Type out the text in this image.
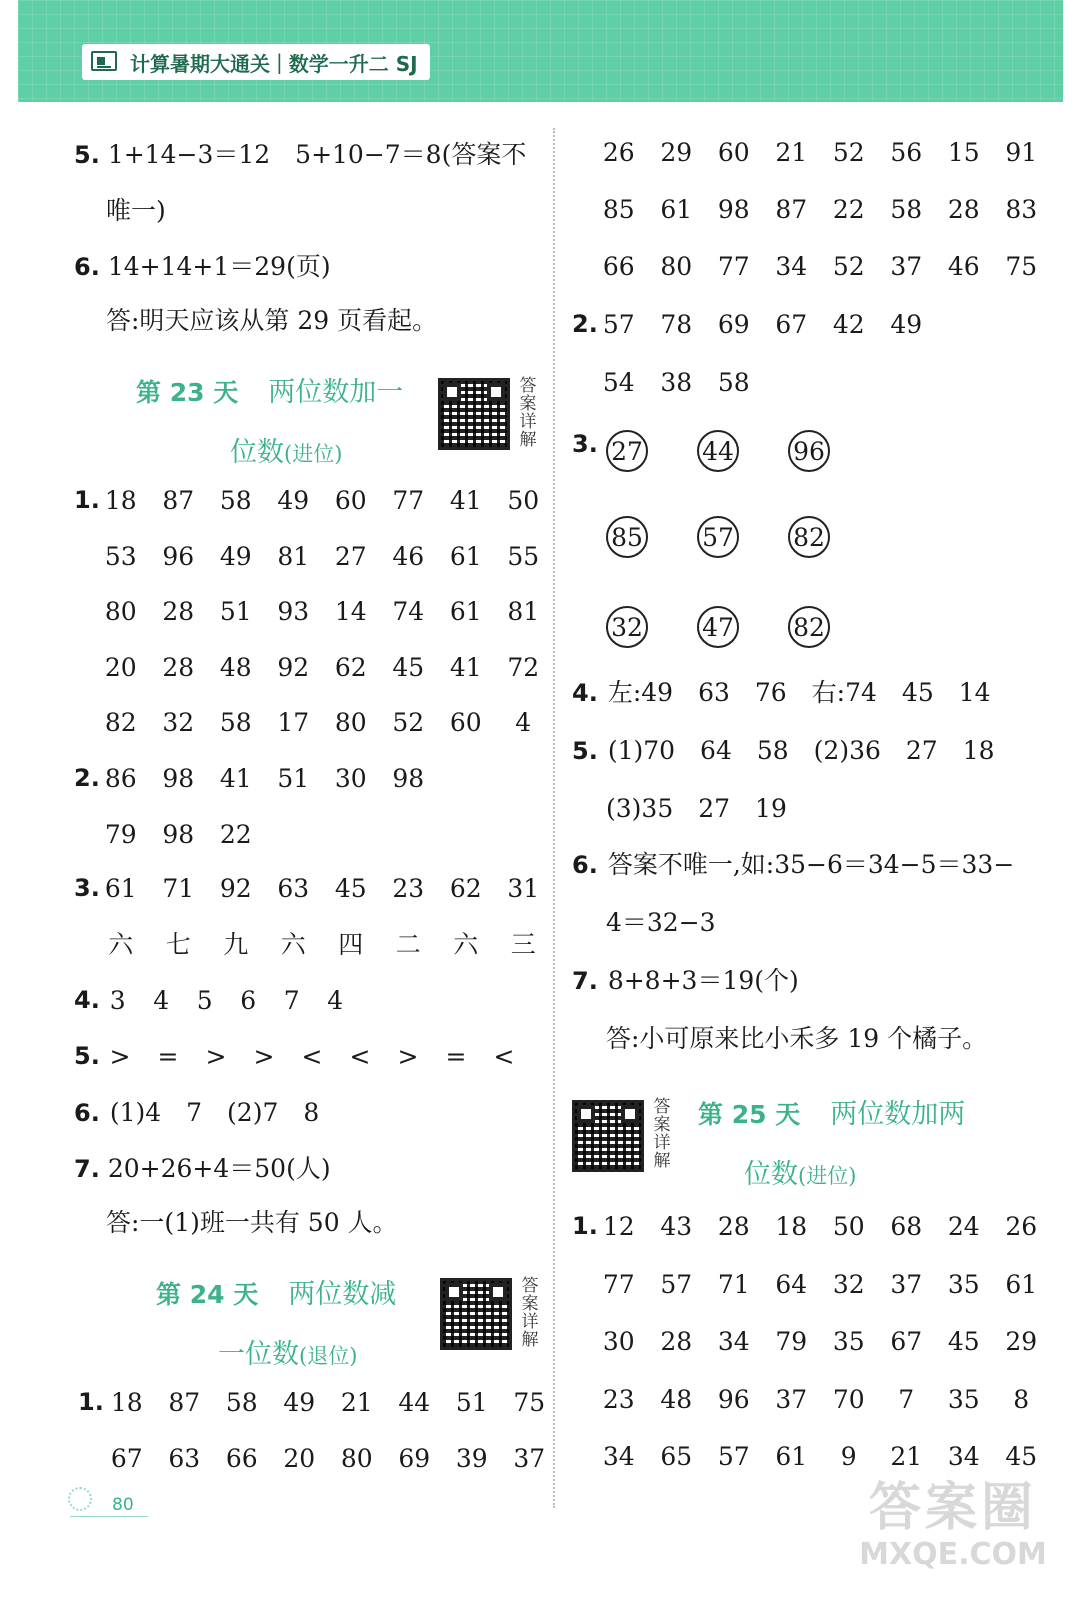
计算暑期大通关 | 数学一升二 SJ
5. 1+14−3＝12　5+10−7＝8(答案不
唯一)
6. 14+14+1＝29(页)
答:明天应该从第 29 页看起。
第 23 天 两位数加一
位数(进位)
答
案
详
解
1. 18	87	58	49	60	77	41	50
53	96	49	81	27	46	61	55
80	28	51	93	14	74	61	81
20	28	48	92	62	45	41	72
82	32	58	17	80	52	60	4
2. 86	98	41	51	30	98
79	98	22
3. 61	71	92	63	45	23	62	31
六	七	九	六	四	二	六	三
4. 3	4	5	6	7	4
5. >	=	>	>	<	<	>	=	<
1. 18	87	58	49	21	44	51	75
67	63	66	20	80	69	39	37
6. (1)4　7　(2)7　8
7. 20+26+4＝50(人)
答:一(1)班一共有 50 人。
第 24 天 两位数减
一位数(退位)
答
案
详
解
80
26	29	60	21	52	56	15	91
85	61	98	87	22	58	28	83
66	80	77	34	52	37	46	75
2. 57	78	69	67	42	49
54	38	58
1. 12	43	28	18	50	68	24	26
77	57	71	64	32	37	35	61
30	28	34	79	35	67	45	29
23	48	96	37	70	7	35	8
34	65	57	61	9	21	34	45
3. 27 44 96
85 57 82
32 47 82
4. 左:49　63　76　右:74　45　14
5. (1)70　64　58　(2)36　27　18
(3)35　27　19
6. 答案不唯一,如:35−6＝34−5＝33−
4＝32−3
7. 8+8+3＝19(个)
答:小可原来比小禾多 19 个橘子。
答
案
详
解
第 25 天 两位数加两
位数(进位)
答案圈
MXQE.COM
